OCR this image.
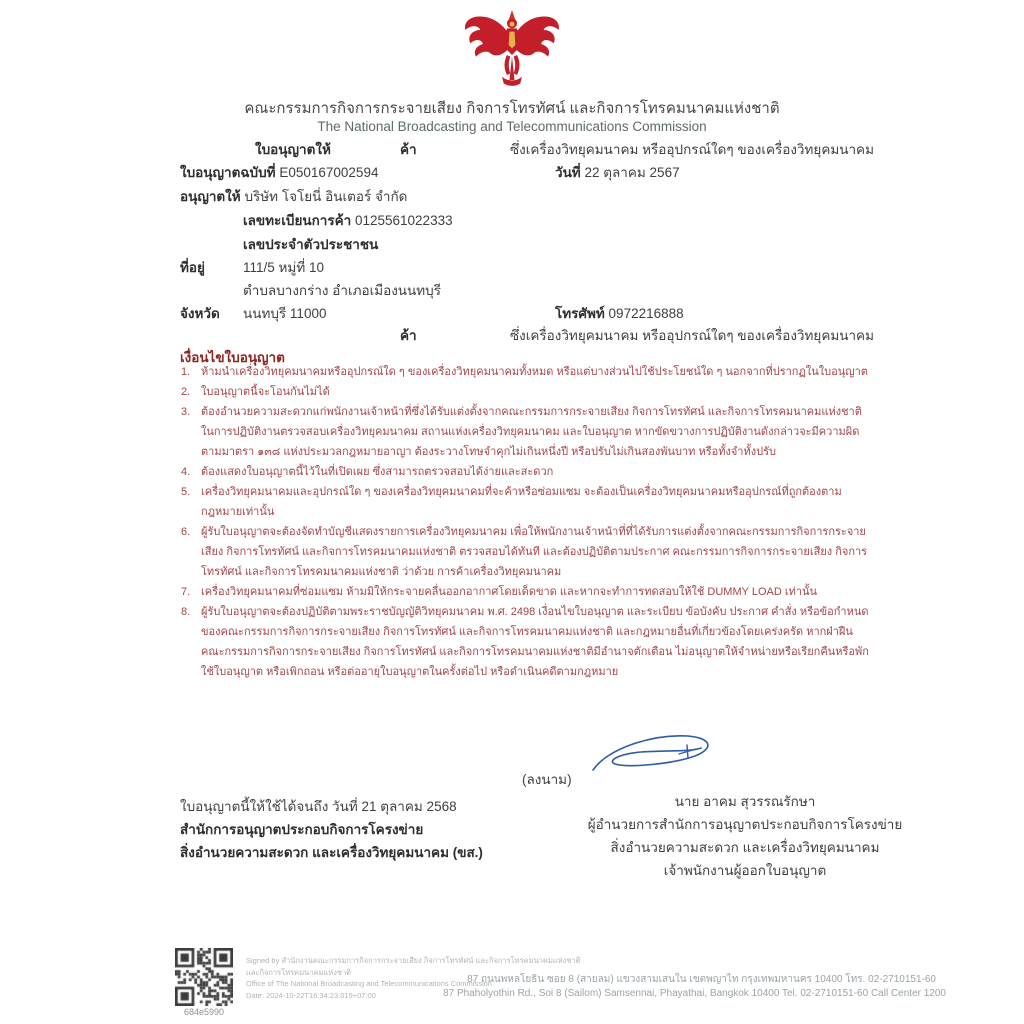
คณะกรรมการกิจการกระจายเสียง กิจการโทรทัศน์ และกิจการโทรคมนาคมแห่งชาติ
The National Broadcasting and Telecommunications Commission
ใบอนุญาตให้	ค้า	ซึ่งเครื่องวิทยุคมนาคม หรืออุปกรณ์ใดๆ ของเครื่องวิทยุคมนาคม
ใบอนุญาตฉบับที่ E050167002594	วันที่ 22 ตุลาคม 2567
อนุญาตให้ บริษัท โจโยนี่ อินเตอร์ จำกัด
เลขทะเบียนการค้า 0125561022333
เลขประจำตัวประชาชน
ที่อยู่	111/5 หมู่ที่ 10
ตำบลบางกร่าง อำเภอเมืองนนทบุรี
จังหวัด นนทบุรี 11000	โทรศัพท์ 0972216888
ค้า	ซึ่งเครื่องวิทยุคมนาคม หรืออุปกรณ์ใดๆ ของเครื่องวิทยุคมนาคม
เงื่อนไขใบอนุญาต
1. ห้ามนำเครื่องวิทยุคมนาคมหรืออุปกรณ์ใด ๆ ของเครื่องวิทยุคมนาคมทั้งหมด หรือแต่บางส่วนไปใช้ประโยชน์ใด ๆ นอกจากที่ปรากฏในใบอนุญาต
2. ใบอนุญาตนี้จะโอนกันไม่ได้
3. ต้องอำนวยความสะดวกแก่พนักงานเจ้าหน้าที่ซึ่งได้รับแต่งตั้งจากคณะกรรมการกระจายเสียง กิจการโทรทัศน์ และกิจการโทรคมนาคมแห่งชาติในการปฏิบัติงานตรวจสอบเครื่องวิทยุคมนาคม สถานแห่งเครื่องวิทยุคมนาคม และใบอนุญาต หากขัดขวางการปฏิบัติงานดังกล่าวจะมีความผิดตามมาตรา ๑๓๘ แห่งประมวลกฎหมายอาญา ต้องระวางโทษจำคุกไม่เกินหนึ่งปี หรือปรับไม่เกินสองพันบาท หรือทั้งจำทั้งปรับ
4. ต้องแสดงใบอนุญาตนี้ไว้ในที่เปิดเผย ซึ่งสามารถตรวจสอบได้ง่ายและสะดวก
5. เครื่องวิทยุคมนาคมและอุปกรณ์ใด ๆ ของเครื่องวิทยุคมนาคมที่จะค้าหรือซ่อมแซม จะต้องเป็นเครื่องวิทยุคมนาคมหรืออุปกรณ์ที่ถูกต้องตามกฎหมายเท่านั้น
6. ผู้รับใบอนุญาตจะต้องจัดทำบัญชีแสดงรายการเครื่องวิทยุคมนาคม เพื่อให้พนักงานเจ้าหน้าที่ที่ได้รับการแต่งตั้งจากคณะกรรมการกิจการกระจายเสียง กิจการโทรทัศน์ และกิจการโทรคมนาคมแห่งชาติ ตรวจสอบได้ทันที และต้องปฏิบัติตามประกาศ คณะกรรมการกิจการกระจายเสียง กิจการโทรทัศน์ และกิจการโทรคมนาคมแห่งชาติ ว่าด้วย การค้าเครื่องวิทยุคมนาคม
7. เครื่องวิทยุคมนาคมที่ซ่อมแซม ห้ามมิให้กระจายคลื่นออกอากาศโดยเด็ดขาด และหากจะทำการทดสอบให้ใช้ DUMMY LOAD เท่านั้น
8. ผู้รับใบอนุญาตจะต้องปฏิบัติตามพระราชบัญญัติวิทยุคมนาคม พ.ศ. 2498 เงื่อนไขใบอนุญาต และระเบียบ ข้อบังคับ ประกาศ คำสั่ง หรือข้อกำหนด ของคณะกรรมการกิจการกระจายเสียง กิจการโทรทัศน์ และกิจการโทรคมนาคมแห่งชาติ และกฎหมายอื่นที่เกี่ยวข้องโดยเคร่งครัด หากฝ่าฝืน คณะกรรมการกิจการกระจายเสียง กิจการโทรทัศน์ และกิจการโทรคมนาคมแห่งชาติมีอำนาจตักเตือน ไม่อนุญาตให้จำหน่ายหรือเรียกคืนหรือพักใช้ใบอนุญาต หรือเพิกถอน หรือต่ออายุใบอนุญาตในครั้งต่อไป หรือดำเนินคดีตามกฎหมาย
(ลงนาม)
นาย อาคม สุวรรณรักษา
ผู้อำนวยการสำนักการอนุญาตประกอบกิจการโครงข่าย
สิ่งอำนวยความสะดวก และเครื่องวิทยุคมนาคม
เจ้าพนักงานผู้ออกใบอนุญาต
ใบอนุญาตนี้ให้ใช้ได้จนถึง วันที่ 21 ตุลาคม 2568
สำนักการอนุญาตประกอบกิจการโครงข่าย
สิ่งอำนวยความสะดวก และเครื่องวิทยุคมนาคม (ขส.)
684e5990
Signed by สำนักงานคณะกรรมการกิจการกระจายเสียง กิจการโทรทัศน์ และกิจการโทรคมนาคมแห่งชาติ
และกิจการโทรคมนาคมแห่งชาติ
Office of The National Broadcasting and Telecommunications Commission
Date: 2024-10-22T16:34:23.019+07:00
87 ถนนพหลโยธิน ซอย 8 (สายลม) แขวงสามเสนใน เขตพญาไท กรุงเทพมหานคร 10400 โทร. 02-2710151-60
87 Phaholyothin Rd., Soi 8 (Sailom) Samsennai, Phayathai, Bangkok 10400 Tel. 02-2710151-60 Call Center 1200
